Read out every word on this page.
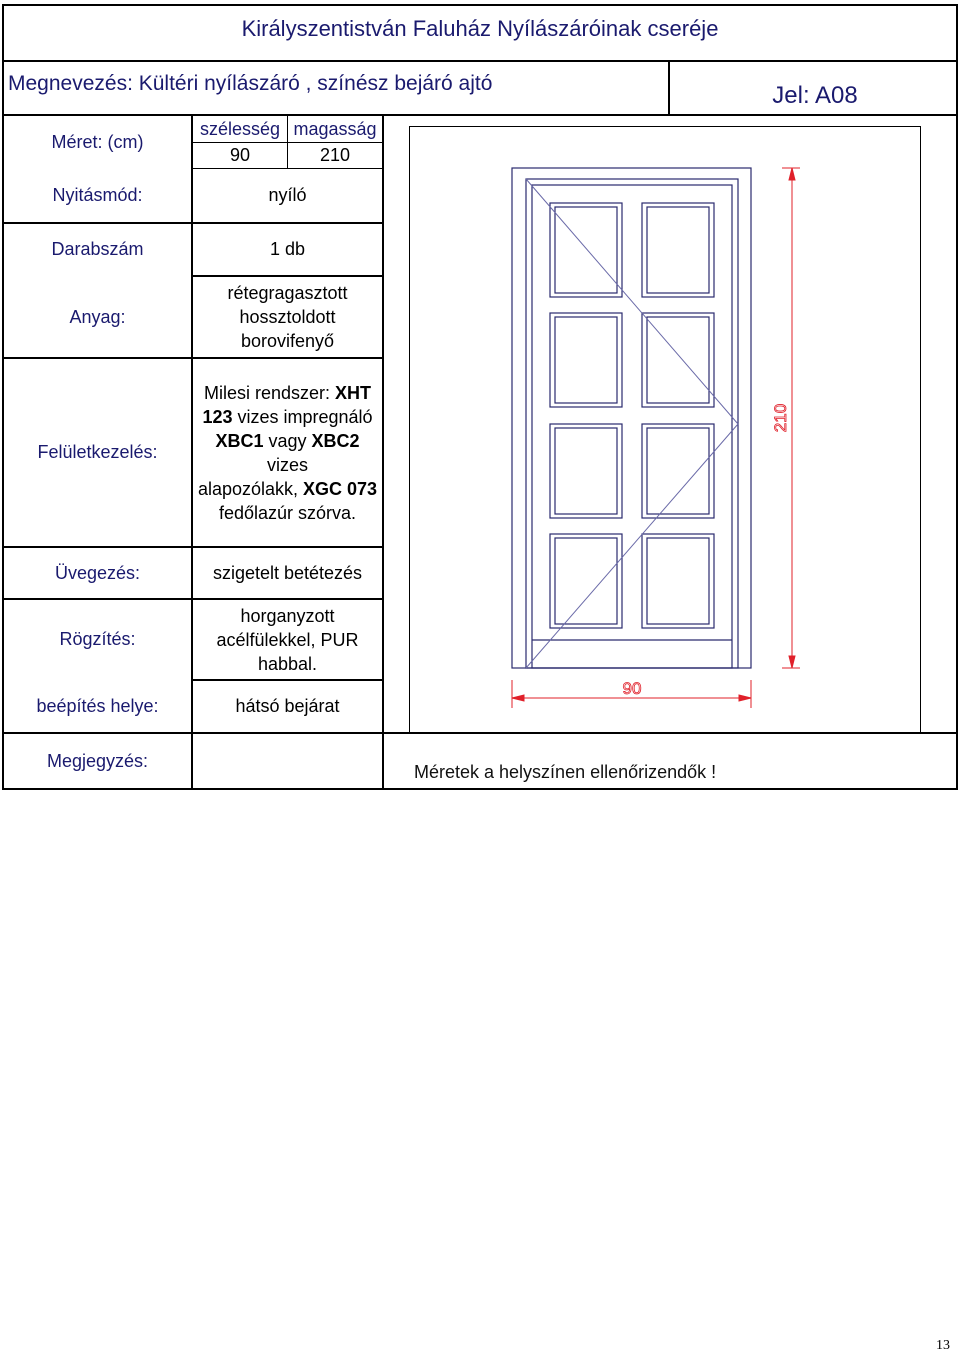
Királyszentistván Faluház Nyílászáróinak cseréje
Megnevezés: Kültéri nyílászáró , színész bejáró ajtó	Jel: A08
Méret: (cm)
szélesség magasság
90	210
Nyitásmód:	nyíló
Darabszám	1 db
Anyag:
rétegragasztott
hossztoldott
borovifenyő
Felületkezelés:
Milesi rendszer: XHT
123 vizes impregnáló
XBC1 vagy XBC2 vizes
alapozólakk, XGC 073
fedőlazúr szórva.
Üvegezés:	szigetelt betétezés
Rögzítés:
horganyzott
acélfülekkel, PUR
habbal.
beépítés helye:	hátsó bejárat
Megjegyzés:
Méretek a helyszínen ellenőrizendők !
90
210
13
